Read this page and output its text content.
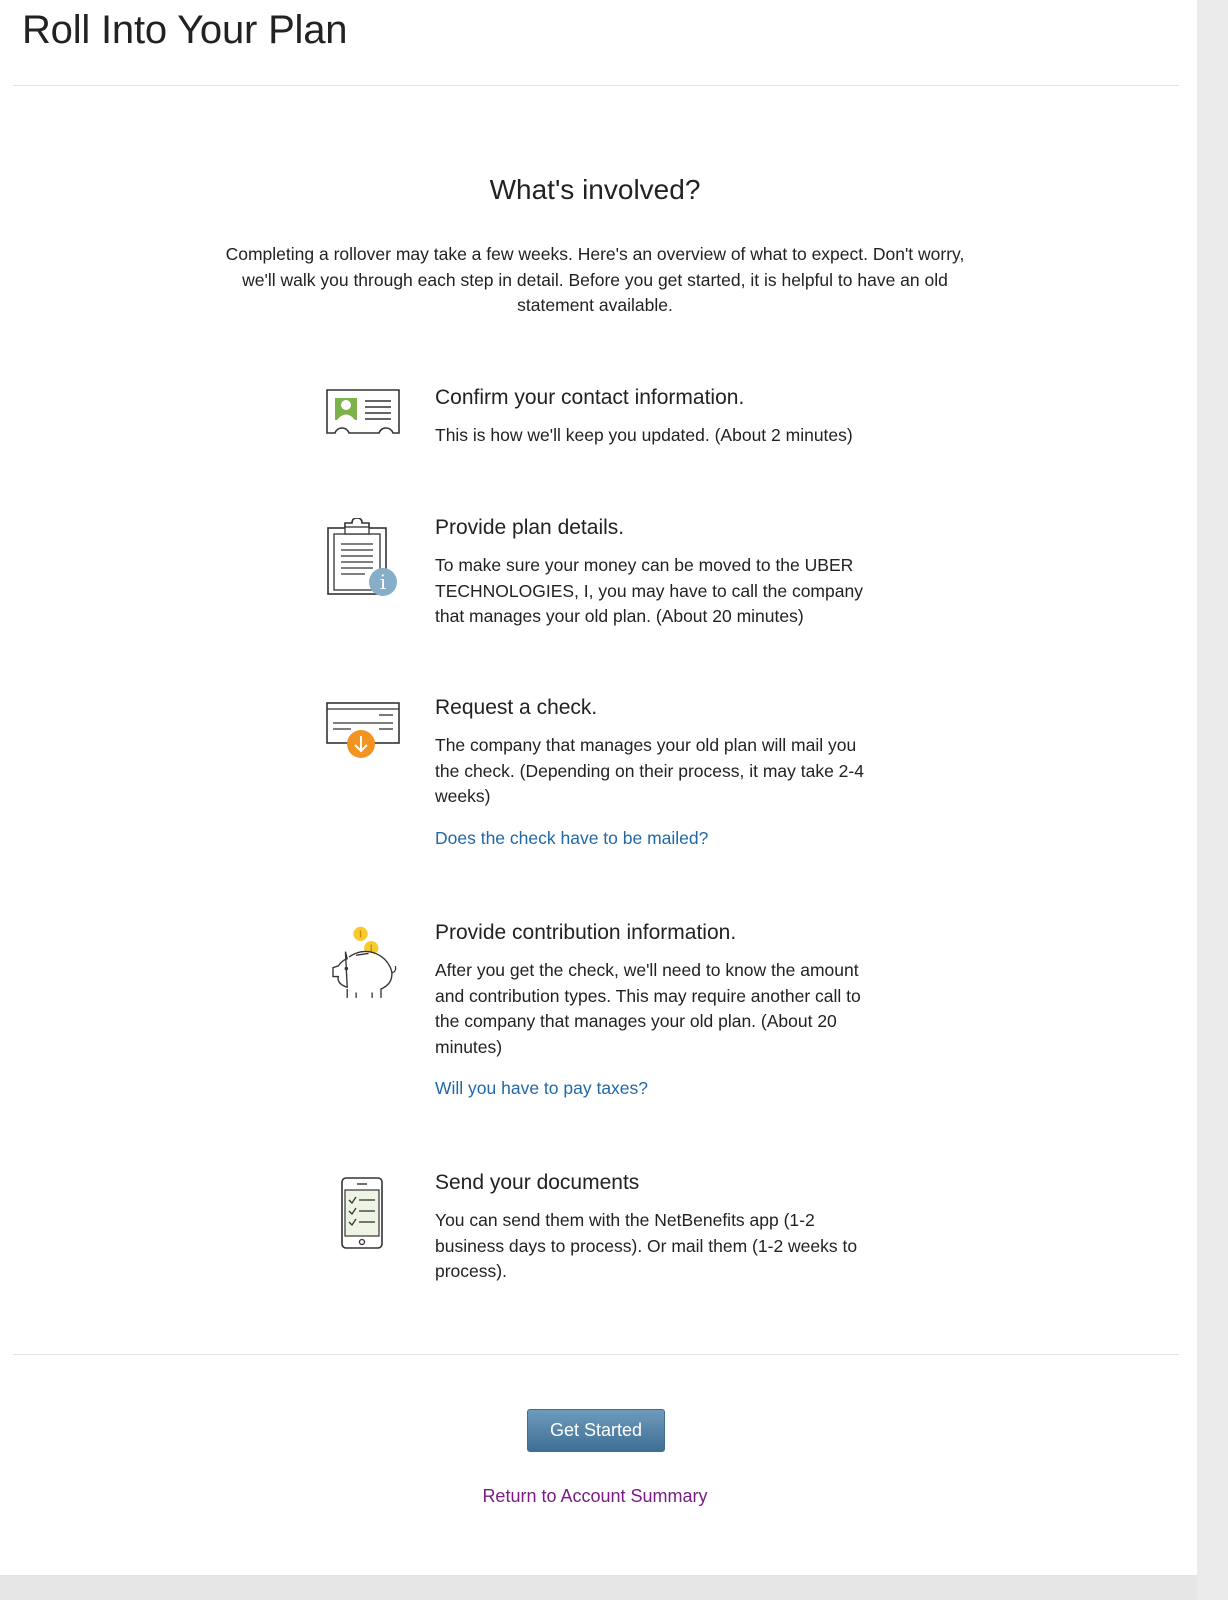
Roll Into Your Plan
What's involved?

Completing a rollover may take a few weeks. Here's an overview of what to expect. Don't worry, we'll walk you through each step in detail. Before you get started, it is helpful to have an old statement available.

Confirm your contact information.

This is how we'll keep you updated. (About 2 minutes)

i
Provide plan details.

To make sure your money can be moved to the UBER TECHNOLOGIES, I, you may have to call the company that manages your old plan. (About 20 minutes)

Request a check.

The company that manages your old plan will mail you the check. (Depending on their process, it may take 2-4 weeks)

Does the check have to be mailed?
Provide contribution information.

After you get the check, we'll need to know the amount and contribution types. This may require another call to the company that manages your old plan. (About 20 minutes)

Will you have to pay taxes?
Send your documents

You can send them with the NetBenefits app (1-2 business days to process). Or mail them (1-2 weeks to process).

Get Started
Return to Account Summary
